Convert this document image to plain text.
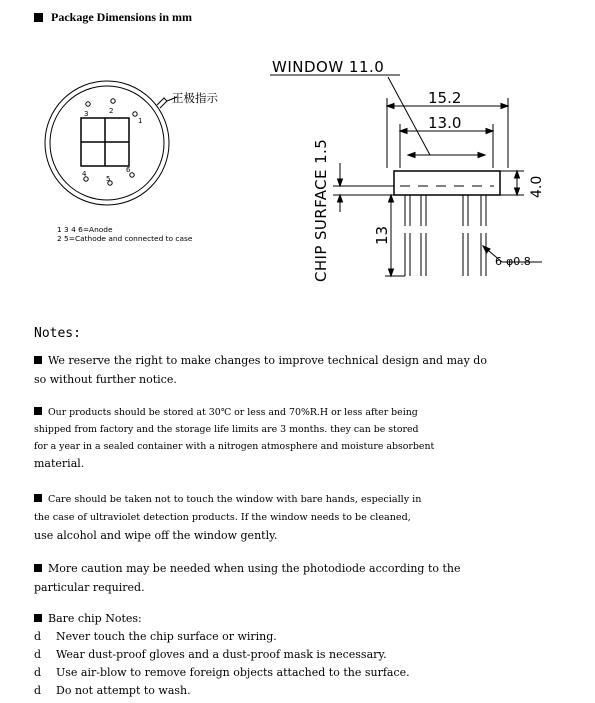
Package Dimensions in mm
3	2
1
6
5
4
正极指示
1 3 4 6=Anode
2 5=Cathode and connected to case
WINDOW 11.0
15.2
13.0
4.0
CHIP SURFACE 1.5	13
6-φ0.8
Notes:
We reserve the right to make changes to improve technical design and may do
so without further notice.
Our products should be stored at 30℃ or less and 70%R.H or less after being
shipped from factory and the storage life limits are 3 months. they can be stored
for a year in a sealed container with a nitrogen atmosphere and moisture absorbent
material.
Care should be taken not to touch the window with bare hands, especially in
the case of ultraviolet detection products. If the window needs to be cleaned,
use alcohol and wipe off the window gently.
More caution may be needed when using the photodiode according to the
particular required.
Bare chip Notes:
d Never touch the chip surface or wiring.
d Wear dust-proof gloves and a dust-proof mask is necessary.
d Use air-blow to remove foreign objects attached to the surface.
d Do not attempt to wash.
